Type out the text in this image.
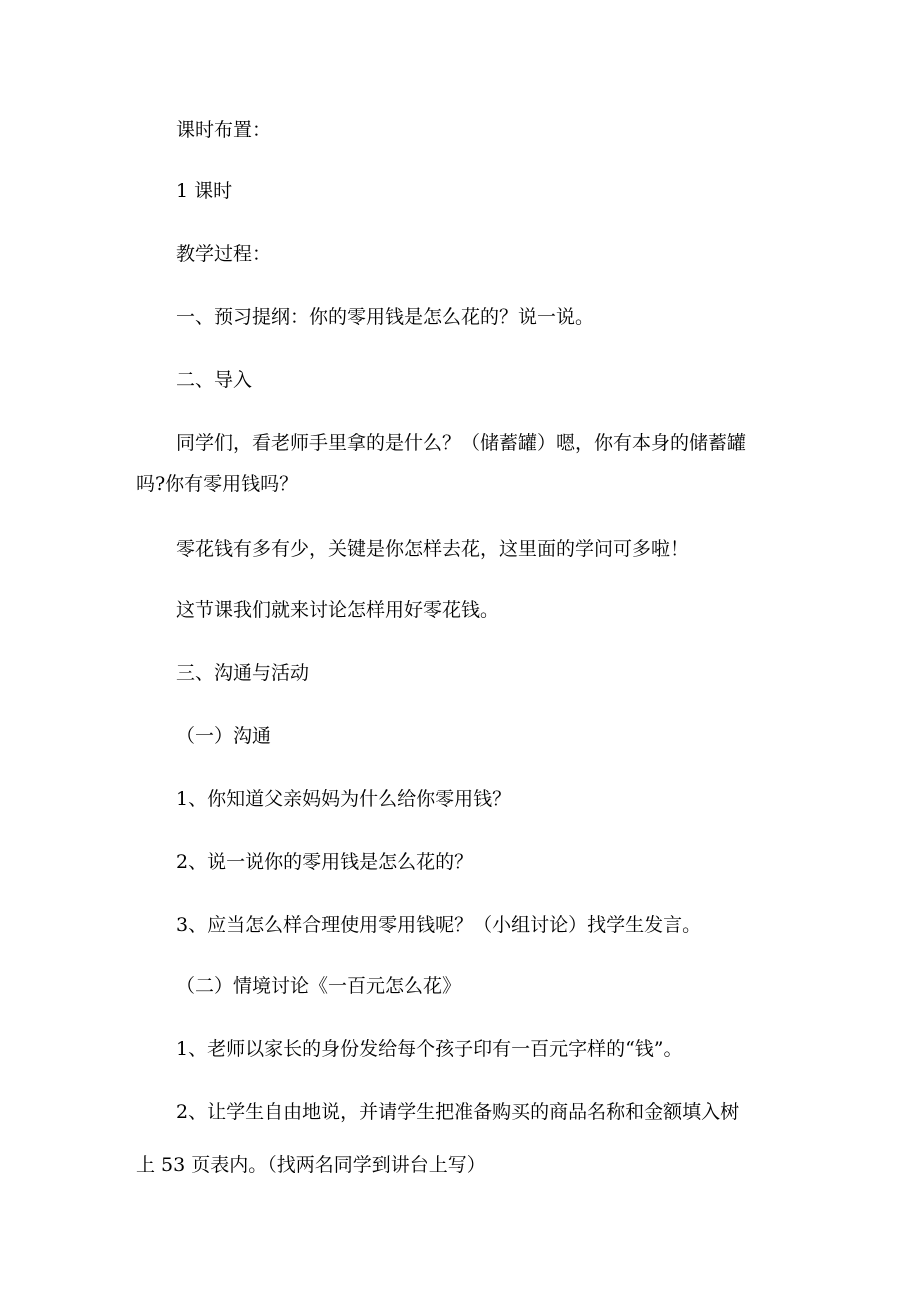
课时布置：

1 课时

教学过程：

一、预习提纲：你的零用钱是怎么花的？说一说。

二、导入

同学们，看老师手里拿的是什么？（储蓄罐）嗯，你有本身的储蓄罐

吗?你有零用钱吗？

零花钱有多有少，关键是你怎样去花，这里面的学问可多啦！

这节课我们就来讨论怎样用好零花钱。

三、沟通与活动

（一）沟通

1、你知道父亲妈妈为什么给你零用钱？

2、说一说你的零用钱是怎么花的？

3、应当怎么样合理使用零用钱呢？（小组讨论）找学生发言。

（二）情境讨论《一百元怎么花》

1、老师以家长的身份发给每个孩子印有一百元字样的“钱”。

2、让学生自由地说，并请学生把准备购买的商品名称和金额填入树

上 53 页表内。（找两名同学到讲台上写）
